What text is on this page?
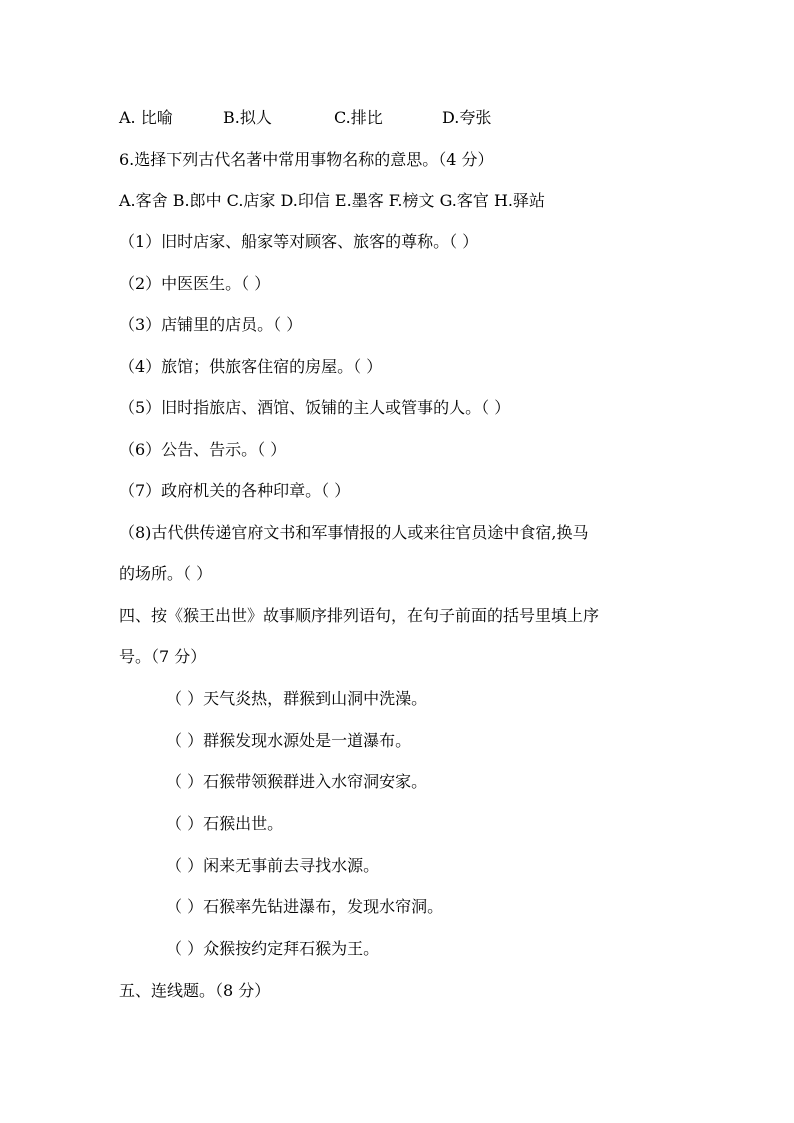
A. 比喻	B.拟人	C.排比	D.夸张
6.选择下列古代名著中常用事物名称的意思。（4 分）
A.客舍 B.郎中 C.店家 D.印信 E.墨客 F.榜文 G.客官 H.驿站
（1）旧时店家、船家等对顾客、旅客的尊称。（ ）
（2）中医医生。（ ）
（3）店铺里的店员。（ ）
（4）旅馆；供旅客住宿的房屋。（ ）
（5）旧时指旅店、酒馆、饭铺的主人或管事的人。（ ）
（6）公告、告示。（ ）
（7）政府机关的各种印章。（ ）
（8)古代供传递官府文书和军事情报的人或来往官员途中食宿,换马
的场所。（ ）
四、按《猴王出世》故事顺序排列语句，在句子前面的括号里填上序
号。（7 分）
（ ）天气炎热，群猴到山洞中洗澡。
（ ）群猴发现水源处是一道瀑布。
（ ）石猴带领猴群进入水帘洞安家。
（ ）石猴出世。
（ ）闲来无事前去寻找水源。
（ ）石猴率先钻进瀑布，发现水帘洞。
（ ）众猴按约定拜石猴为王。
五、连线题。（8 分）
